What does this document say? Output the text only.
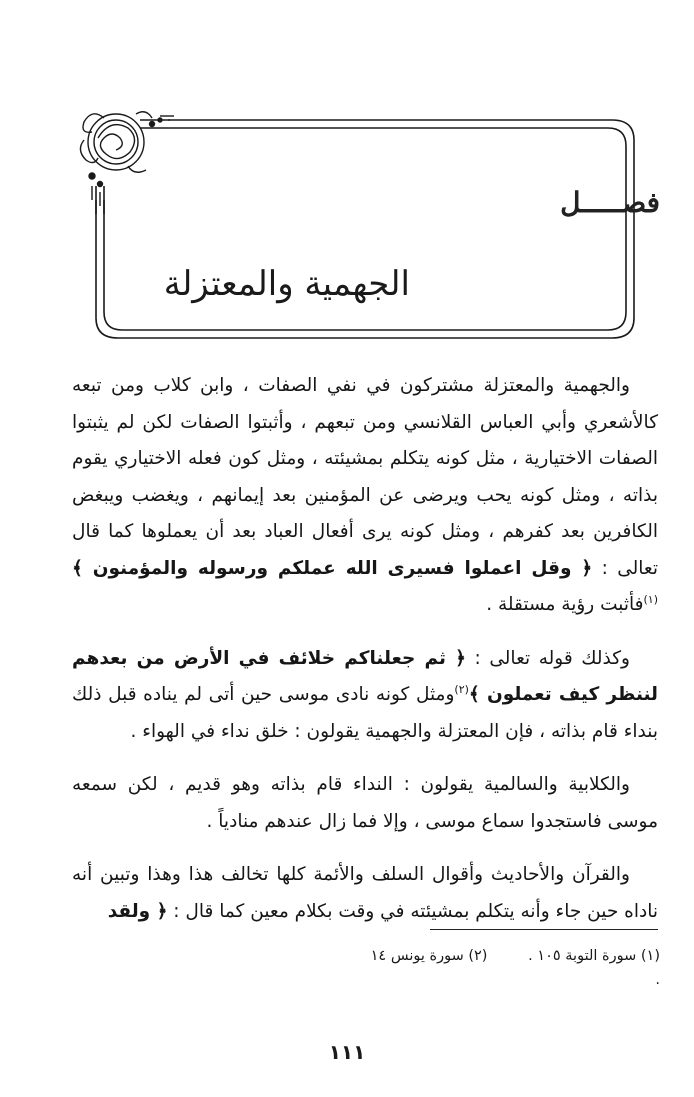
فصـــــل
الجهمية والمعتزلة

والجهمية والمعتزلة مشتركون في نفي الصفات ، وابن كلاب ومن تبعه كالأشعري وأبي العباس القلانسي ومن تبعهم ، وأثبتوا الصفات لكن لم يثبتوا الصفات الاختيارية ، مثل كونه يتكلم بمشيئته ، ومثل كون فعله الاختياري يقوم بذاته ، ومثل كونه يحب ويرضى عن المؤمنين بعد إيمانهم ، ويغضب ويبغض الكافرين بعد كفرهم ، ومثل كونه يرى أفعال العباد بعد أن يعملوها كما قال تعالى : ﴿ وقل اعملوا فسيرى الله عملكم ورسوله والمؤمنون ﴾$^{(١)}$فأثبت رؤية مستقلة .

وكذلك قوله تعالى : ﴿ ثم جعلناكم خلائف في الأرض من بعدهم لننظر كيف تعملون ﴾$^{(٢)}$ومثل كونه نادى موسى حين أتى لم يناده قبل ذلك بنداء قام بذاته ، فإن المعتزلة والجهمية يقولون : خلق نداء في الهواء .

والكلابية والسالمية يقولون : النداء قام بذاته وهو قديم ، لكن سمعه موسى فاستجدوا سماع موسى ، وإلا فما زال عندهم منادياً .

والقرآن والأحاديث وأقوال السلف والأئمة كلها تخالف هذا وهذا وتبين أنه ناداه حين جاء وأنه يتكلم بمشيئته في وقت بكلام معين كما قال : ﴿ ولقد

(١) سورة التوبة ١٠٥ . (٢) سورة يونس ١٤ .
١١١
